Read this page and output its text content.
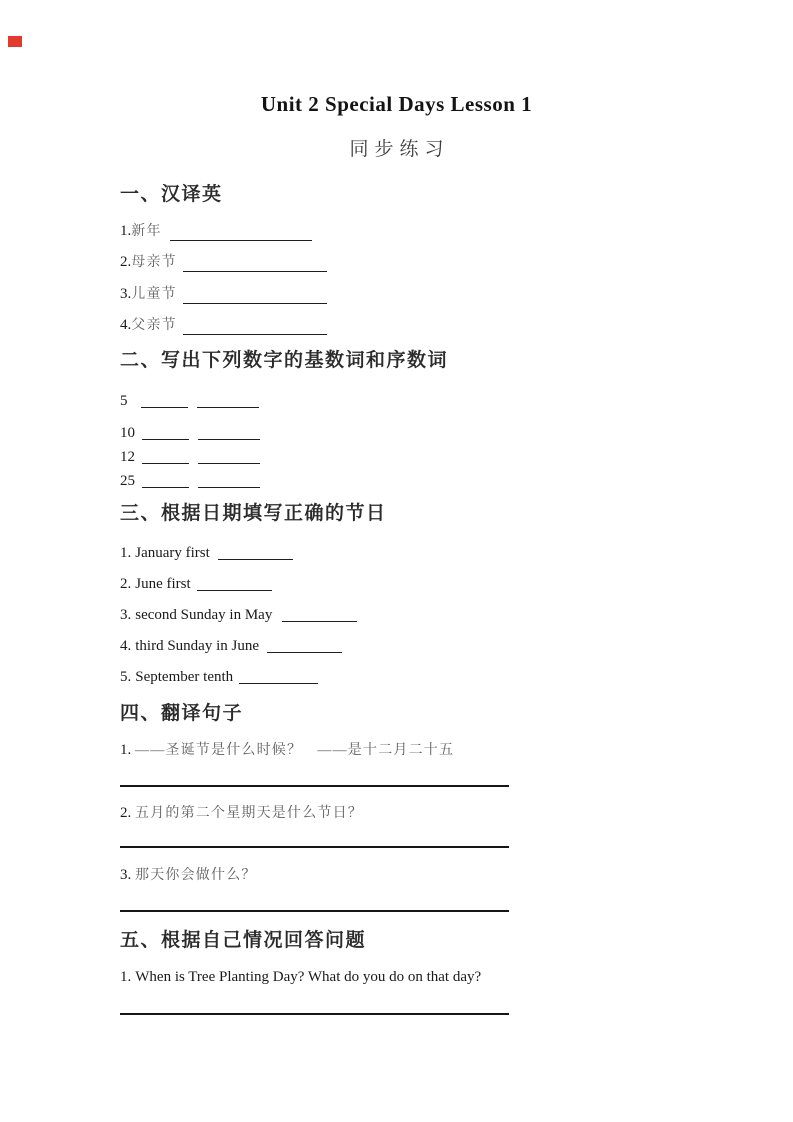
Unit 2 Special Days Lesson 1
同步练习
一、汉译英
1.新年
2.母亲节
3.儿童节
4.父亲节
二、写出下列数字的基数词和序数词
5
10
12
25
三、根据日期填写正确的节日
1. January first
2. June first
3. second Sunday in May
4. third Sunday in June
5. September tenth
四、翻译句子
1. ——圣诞节是什么时候？　——是十二月二十五
2. 五月的第二个星期天是什么节日？
3. 那天你会做什么？
五、根据自己情况回答问题
1. When is Tree Planting Day? What do you do on that day?
